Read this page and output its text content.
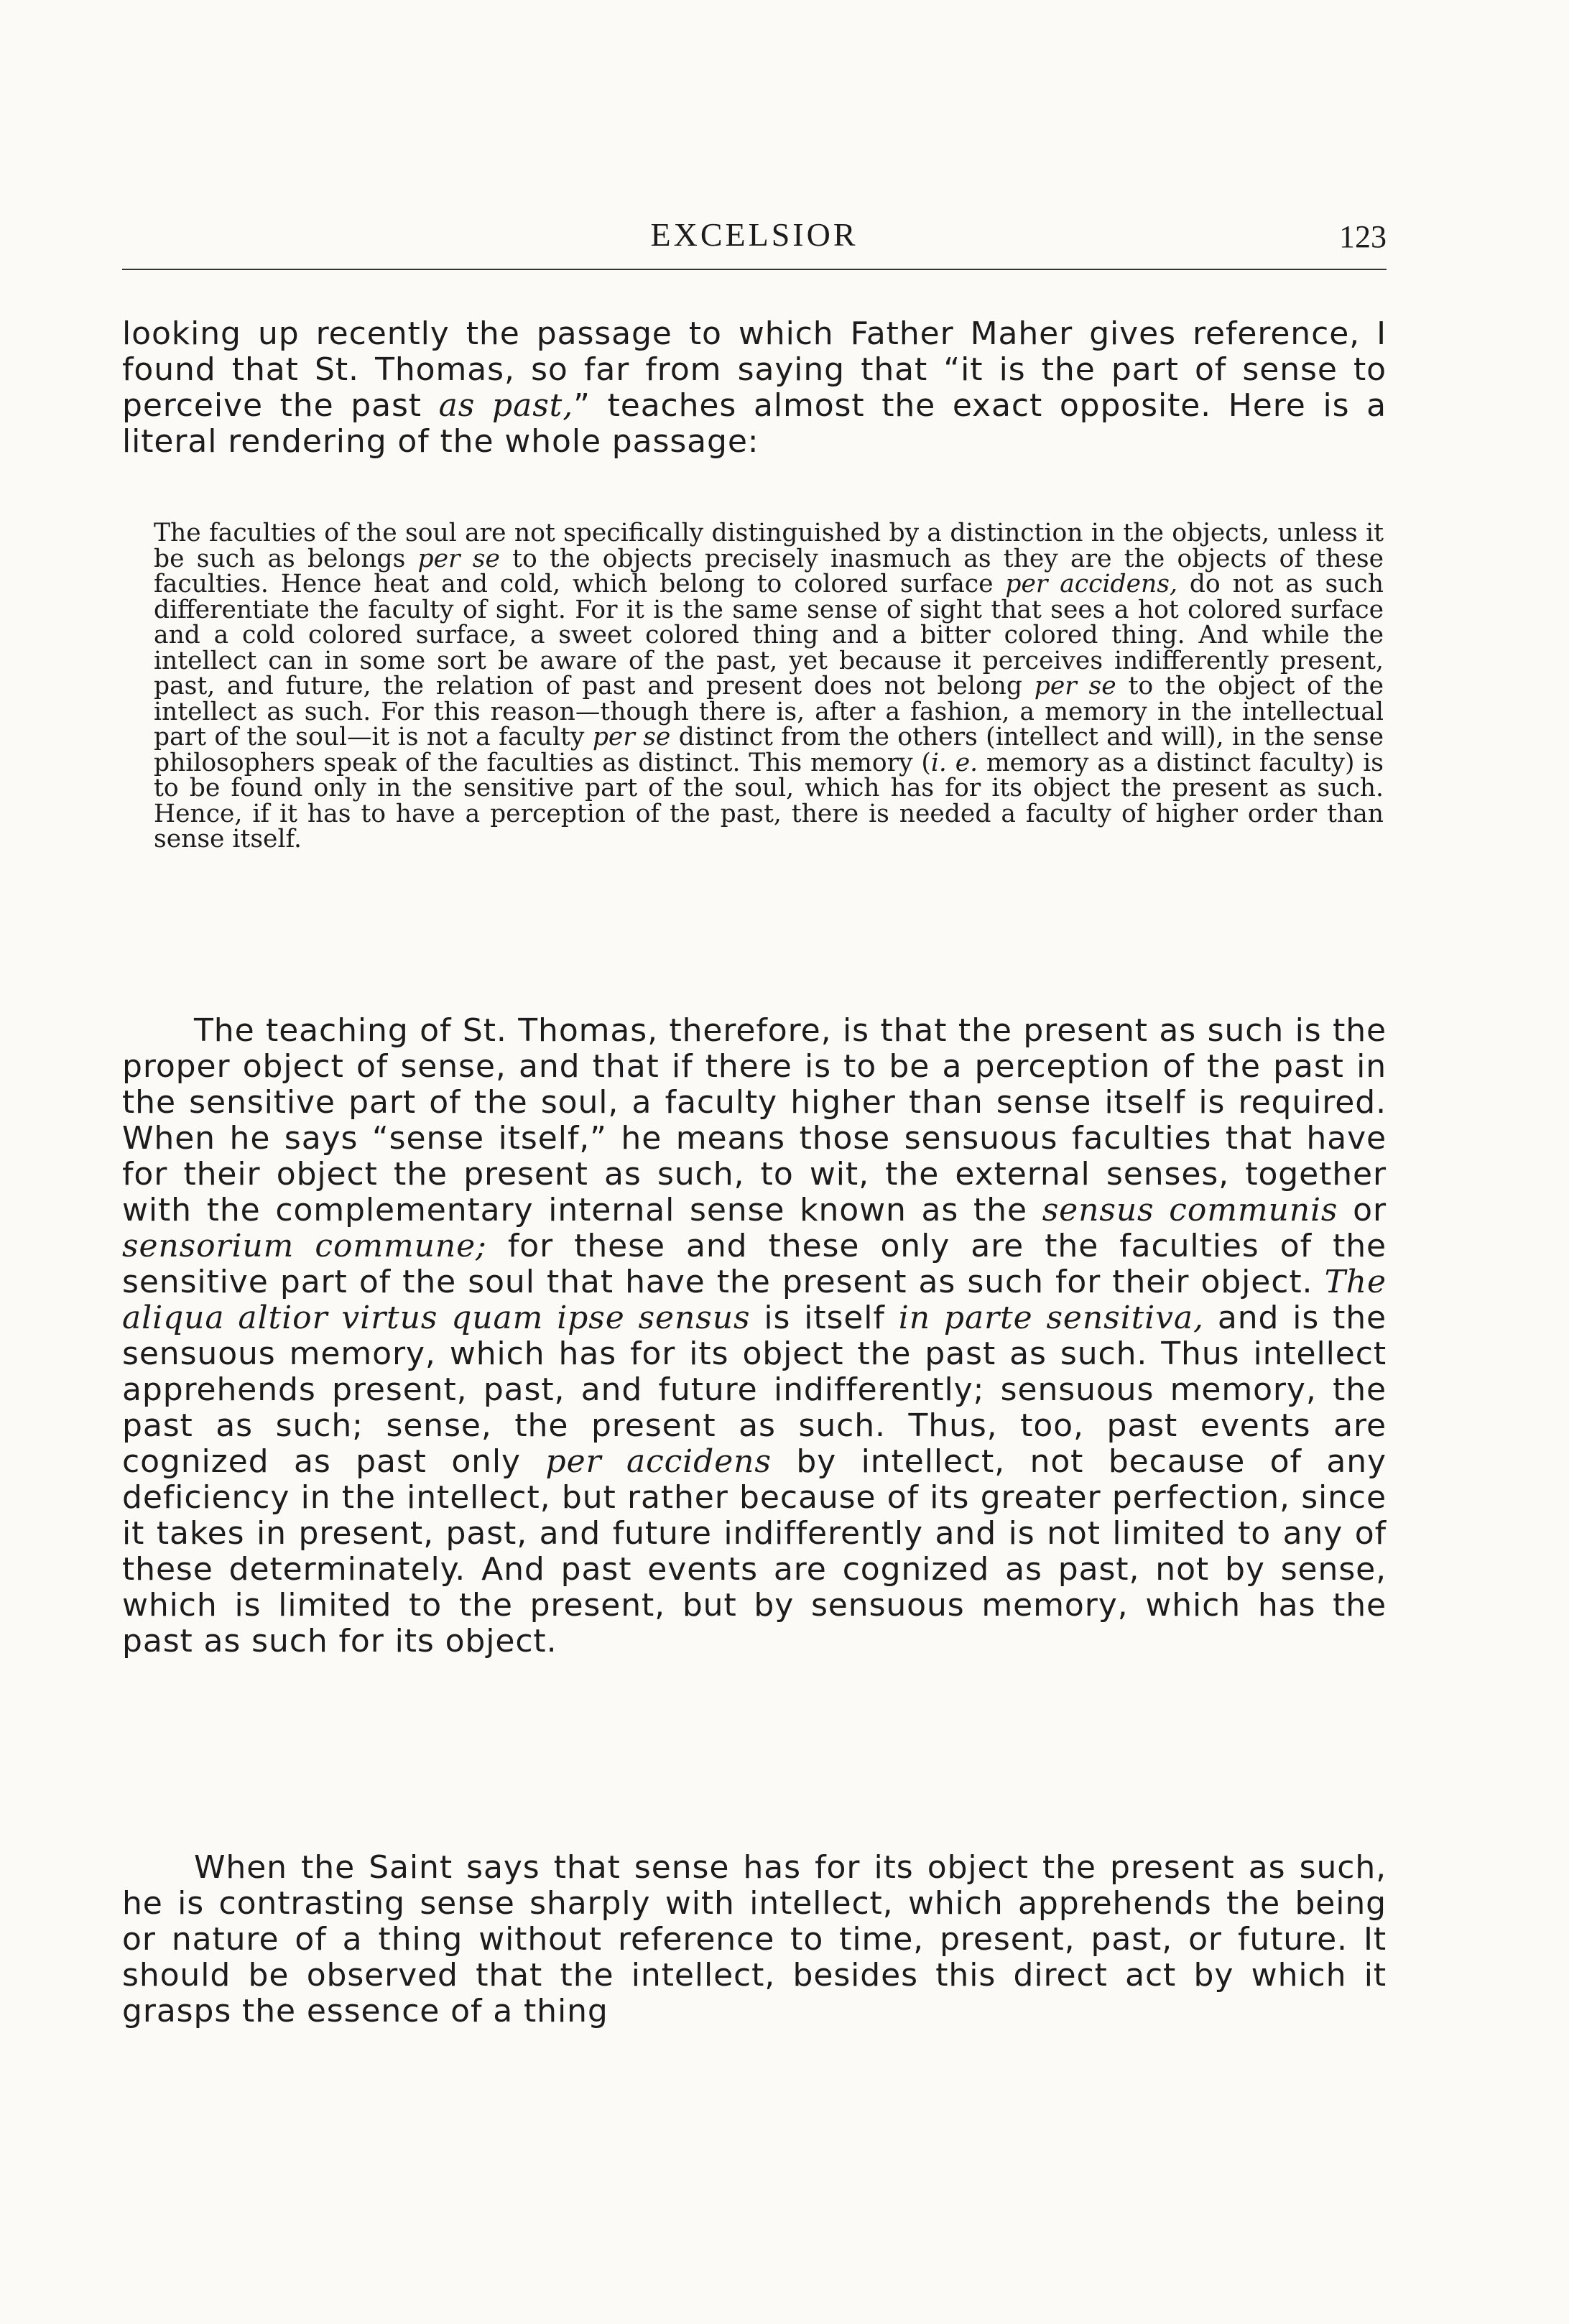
EXCELSIOR	123

looking up recently the passage to which Father Maher gives reference, I found that St. Thomas, so far from saying that “it is the part of sense to perceive the past as past,” teaches almost the exact opposite. Here is a literal rendering of the whole passage:

The faculties of the soul are not specifically distinguished by a distinction in the objects, unless it be such as belongs per se to the objects precisely inasmuch as they are the objects of these faculties. Hence heat and cold, which belong to colored surface per accidens, do not as such differentiate the faculty of sight. For it is the same sense of sight that sees a hot colored surface and a cold colored surface, a sweet colored thing and a bitter colored thing. And while the intellect can in some sort be aware of the past, yet because it perceives indifferently present, past, and future, the relation of past and present does not belong per se to the object of the intellect as such. For this reason—though there is, after a fashion, a memory in the intellectual part of the soul—it is not a faculty per se distinct from the others (intellect and will), in the sense philosophers speak of the faculties as distinct. This memory (i. e. memory as a distinct faculty) is to be found only in the sensitive part of the soul, which has for its object the present as such. Hence, if it has to have a perception of the past, there is needed a faculty of higher order than sense itself.

The teaching of St. Thomas, therefore, is that the present as such is the proper object of sense, and that if there is to be a perception of the past in the sensitive part of the soul, a faculty higher than sense itself is required. When he says “sense itself,” he means those sensuous faculties that have for their object the present as such, to wit, the external senses, together with the complementary internal sense known as the sensus communis or sensorium commune; for these and these only are the faculties of the sensitive part of the soul that have the present as such for their object. The aliqua altior virtus quam ipse sensus is itself in parte sensitiva, and is the sensuous memory, which has for its object the past as such. Thus intellect apprehends present, past, and future indifferently; sensuous memory, the past as such; sense, the present as such. Thus, too, past events are cognized as past only per accidens by intellect, not because of any deficiency in the intellect, but rather because of its greater perfection, since it takes in present, past, and future indifferently and is not limited to any of these determinately. And past events are cognized as past, not by sense, which is limited to the present, but by sensuous memory, which has the past as such for its object.

When the Saint says that sense has for its object the present as such, he is contrasting sense sharply with intellect, which apprehends the being or nature of a thing without reference to time, present, past, or future. It should be observed that the intellect, besides this direct act by which it grasps the essence of a thing
